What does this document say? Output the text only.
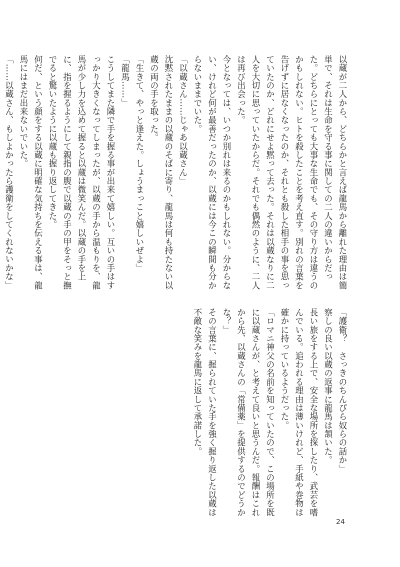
以蔵が二人から、どちらかと言えば龍馬から離れた理由は簡単で、それは生命を守る事に関しての二人の違いからだった。どちらにとっても大事な生命でも、その守り方は違うのかもしれない。ヒトを殺したことを考え直す。別れの言葉を告げずに居なくなったのか、それとも殺した相手の事を思っていたのか、どれにせよ黙って去った。それは以蔵なりに二人を大切に思っていたからだ。それでも偶然のように、二人は再び出会った。
今となっては、いつか別れは来るのかもしれない。分からない、けれど何が最善だったのか、以蔵には今この瞬間も分からないままでいた。
「以蔵さん……じゃあ以蔵さん」
沈黙されたままの以蔵のそばに寄り、龍馬は何も持たない以蔵の両の手を取った。
「生きて、やっと逢えた。しょうまっこと嬉しいぜよ」
「龍馬……」
こうしてまた隣で手を握る事が出来て嬉しい。互いの手はすっかり大きくなってしまったが、以蔵の手から温もりを、龍馬が少し力を込めて握ると以蔵は微笑んだ。以蔵の手を上に、指を握るようにして親指の腹で以蔵の手の甲をそっと撫でると驚いたように以蔵も握り返してきた。
何だ、という顔をする以蔵に明確な気持ちを伝える事は、龍馬にはまだ出来ないでいた。
「……以蔵さん、もしよかったら護衛をしてくれないかな」
「護衛？　さっきのちんぴら奴らの話か」
察しの良い以蔵の返事に龍馬は頷いた。
長い旅をする上で、安全な場所を探したり、武芸を嗜んでいる。追われる理由は薄いけれど、手紙や巻物は確かに持っているようだった。
「ロマニ神父の名前を知っていたので、この場所を既に以蔵さんが、と考えて良いと思うんだ。報酬はこれから先、以蔵さんの「常備薬」を提供するのでどうかな？」
その言葉に、握られていた手を強く握り返した以蔵は不敵な笑みを龍馬に返して承諾した。
24
